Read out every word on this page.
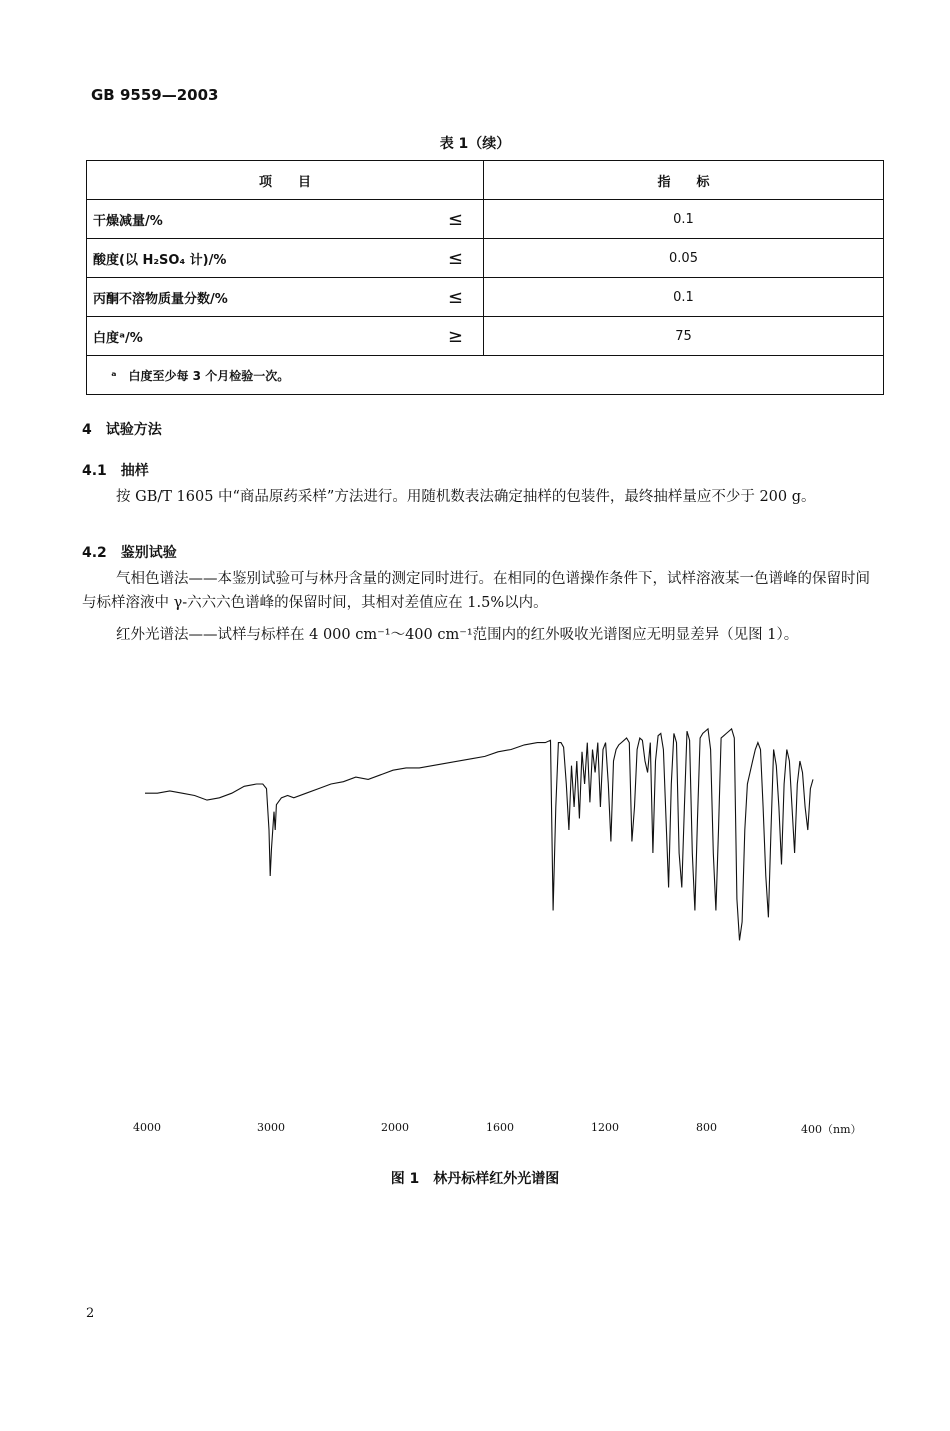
GB 9559—2003
表 1（续）
项　　目	指　　标

干燥减量/% ≤	0.1

酸度(以 H₂SO₄ 计)/% ≤	0.05

丙酮不溶物质量分数/% ≤	0.1

白度ᵃ/% ≥	75
ᵃ　白度至少每 3 个月检验一次。	
4　试验方法
4.1　抽样
按 GB/T 1605 中“商品原药采样”方法进行。用随机数表法确定抽样的包装件，最终抽样量应不少于 200 g。
4.2　鉴别试验
气相色谱法——本鉴别试验可与林丹含量的测定同时进行。在相同的色谱操作条件下，试样溶液某一色谱峰的保留时间与标样溶液中 γ-六六六色谱峰的保留时间，其相对差值应在 1.5%以内。
红外光谱法——试样与标样在 4 000 cm⁻¹～400 cm⁻¹范围内的红外吸收光谱图应无明显差异（见图 1）。
4000	3000	2000	1600	1200	800	400（nm）
图 1　林丹标样红外光谱图
2
